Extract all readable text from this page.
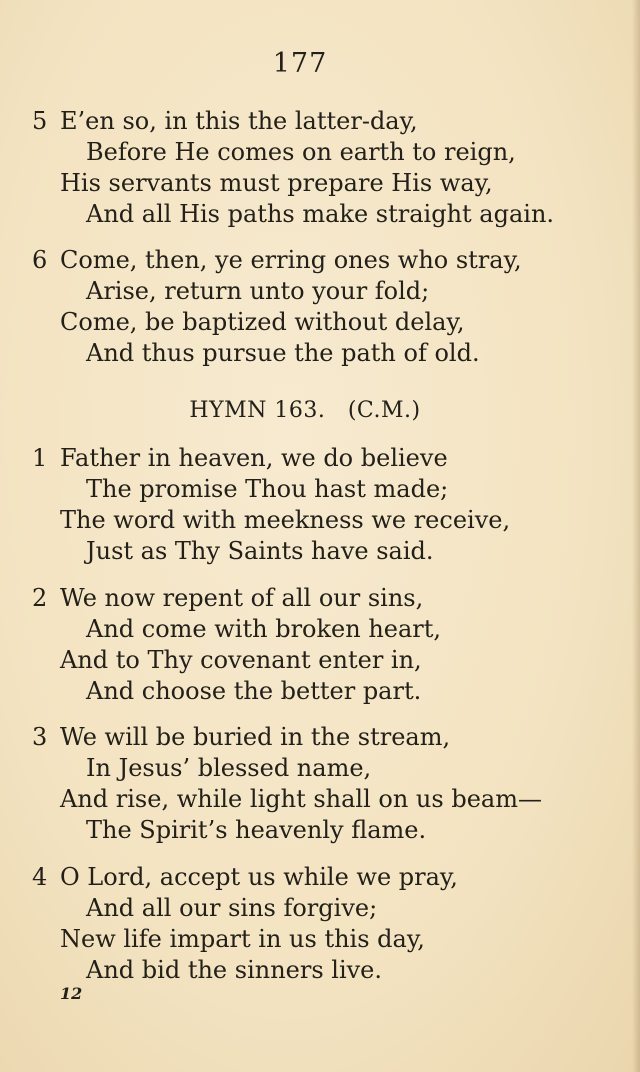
177
5 E’en so, in this the latter-day,
Before He comes on earth to reign,
His servants must prepare His way,
And all His paths make straight again.
6 Come, then, ye erring ones who stray,
Arise, return unto your fold;
Come, be baptized without delay,
And thus pursue the path of old.
HYMN 163.   (C.M.)
1 Father in heaven, we do believe
The promise Thou hast made;
The word with meekness we receive,
Just as Thy Saints have said.
2 We now repent of all our sins,
And come with broken heart,
And to Thy covenant enter in,
And choose the better part.
3 We will be buried in the stream,
In Jesus’ blessed name,
And rise, while light shall on us beam—
The Spirit’s heavenly flame.
4 O Lord, accept us while we pray,
And all our sins forgive;
New life impart in us this day,
And bid the sinners live.
12
